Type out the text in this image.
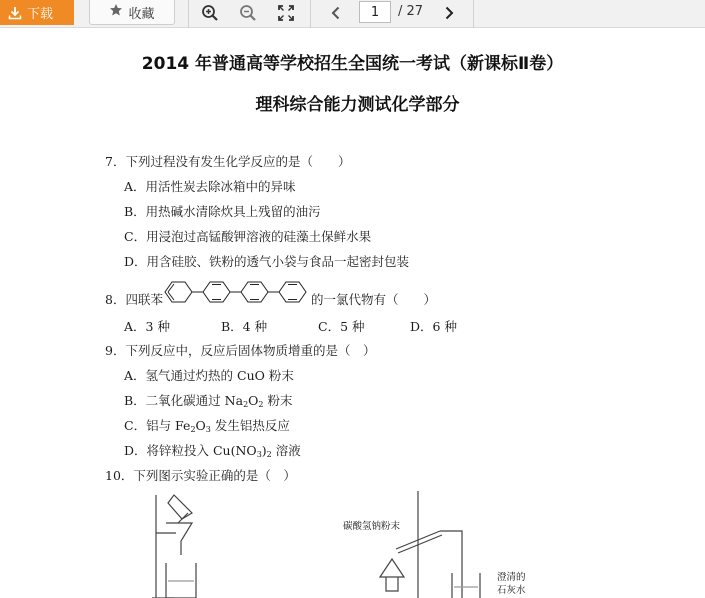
下载	收藏
1	/ 27
2014 年普通高等学校招生全国统一考试（新课标Ⅱ卷）
理科综合能力测试化学部分
7．下列过程没有发生化学反应的是（　　）
A．用活性炭去除冰箱中的异味
B．用热碱水清除炊具上残留的油污
C．用浸泡过高锰酸钾溶液的硅藻土保鲜水果
D．用含硅胶、铁粉的透气小袋与食品一起密封包装
8．四联苯	的一氯代物有（　　）
A．3 种	B．4 种	C．5 种	D．6 种
9．下列反应中，反应后固体物质增重的是（　）
A．氢气通过灼热的 CuO 粉末
B．二氧化碳通过 $Na_2O_2$ 粉末
C．铝与 $Fe_2O_3$ 发生铝热反应
D．将锌粒投入 $Cu(NO_3)_2$ 溶液
10．下列图示实验正确的是（　）
碳酸氢钠粉末
澄清的
石灰水
